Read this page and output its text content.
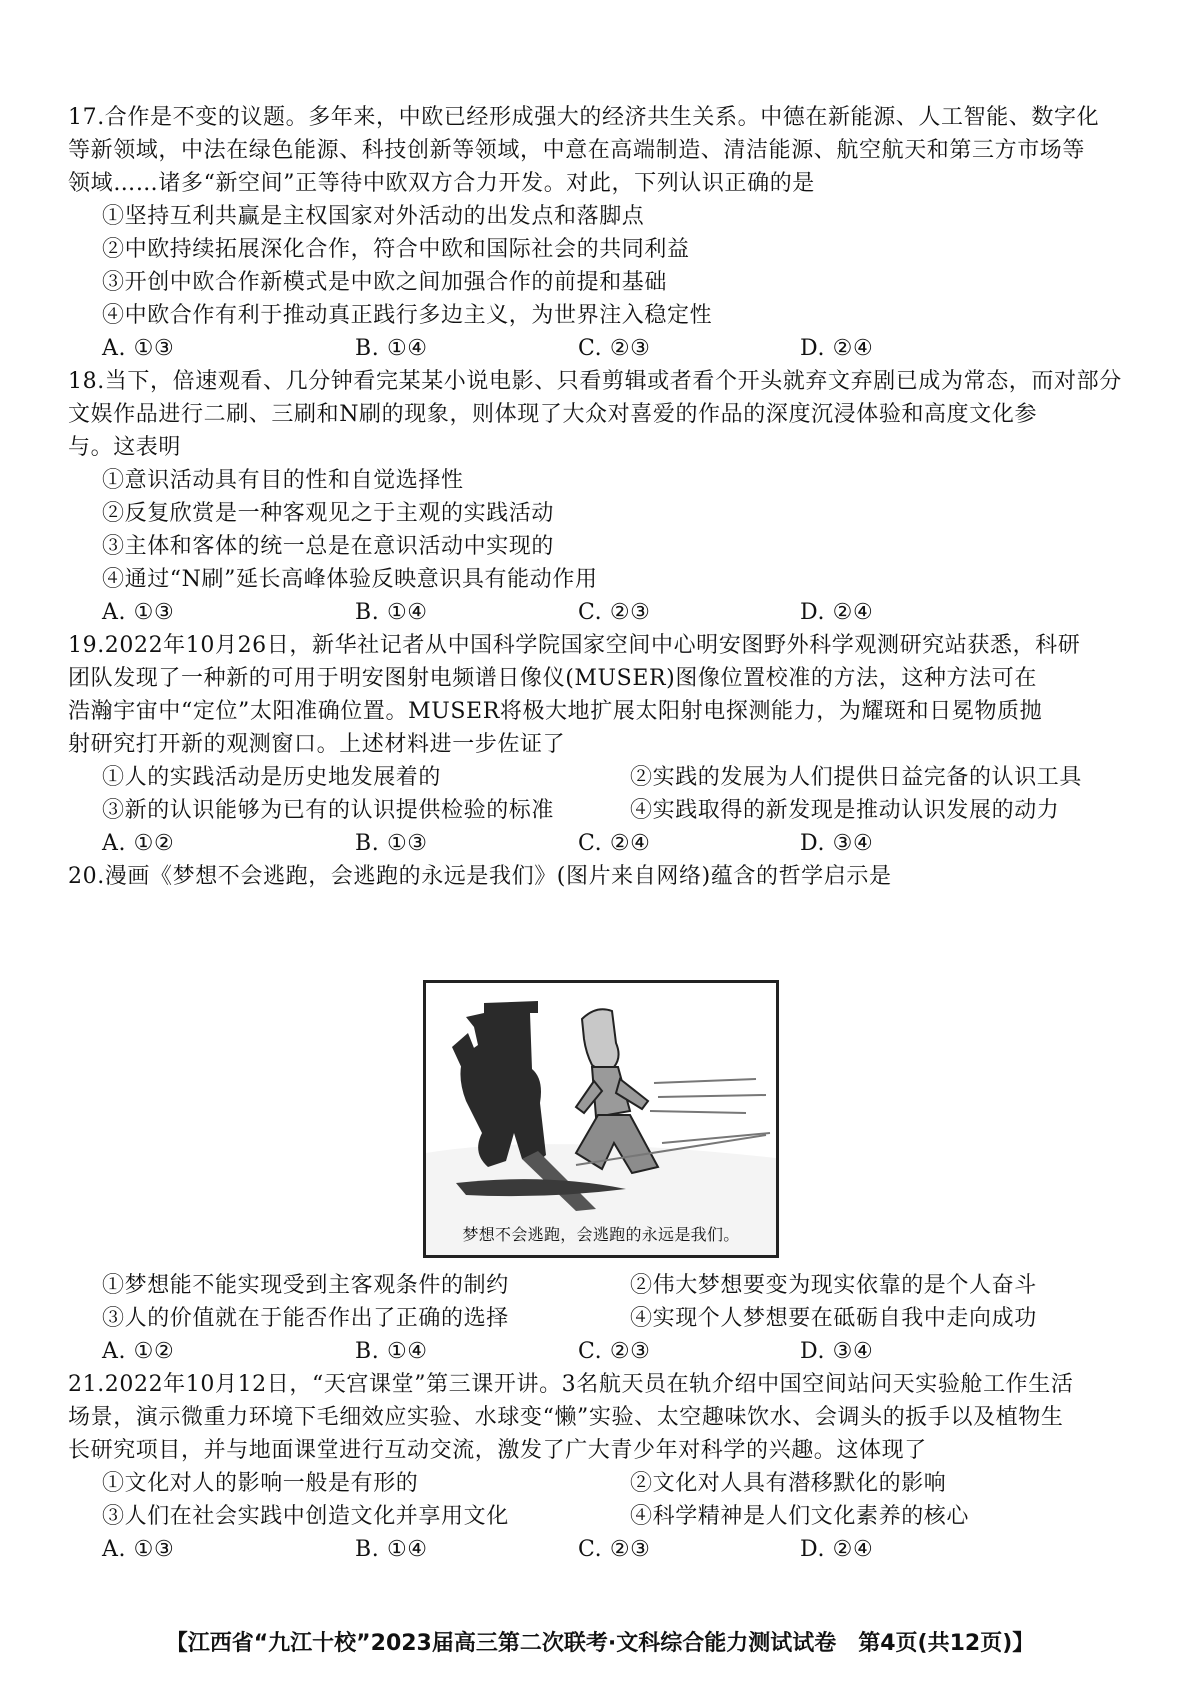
17.合作是不变的议题。多年来，中欧已经形成强大的经济共生关系。中德在新能源、人工智能、数字化
等新领域，中法在绿色能源、科技创新等领域，中意在高端制造、清洁能源、航空航天和第三方市场等
领域……诸多“新空间”正等待中欧双方合力开发。对此，下列认识正确的是
①坚持互利共赢是主权国家对外活动的出发点和落脚点
②中欧持续拓展深化合作，符合中欧和国际社会的共同利益
③开创中欧合作新模式是中欧之间加强合作的前提和基础
④中欧合作有利于推动真正践行多边主义，为世界注入稳定性
A. ①③	B. ①④	C. ②③	D. ②④
18.当下，倍速观看、几分钟看完某某小说电影、只看剪辑或者看个开头就弃文弃剧已成为常态，而对部分
文娱作品进行二刷、三刷和N刷的现象，则体现了大众对喜爱的作品的深度沉浸体验和高度文化参
与。这表明
①意识活动具有目的性和自觉选择性
②反复欣赏是一种客观见之于主观的实践活动
③主体和客体的统一总是在意识活动中实现的
④通过“N刷”延长高峰体验反映意识具有能动作用
A. ①③	B. ①④	C. ②③	D. ②④
19.2022年10月26日，新华社记者从中国科学院国家空间中心明安图野外科学观测研究站获悉，科研
团队发现了一种新的可用于明安图射电频谱日像仪(MUSER)图像位置校准的方法，这种方法可在
浩瀚宇宙中“定位”太阳准确位置。MUSER将极大地扩展太阳射电探测能力，为耀斑和日冕物质抛
射研究打开新的观测窗口。上述材料进一步佐证了
①人的实践活动是历史地发展着的	②实践的发展为人们提供日益完备的认识工具
③新的认识能够为已有的认识提供检验的标准	④实践取得的新发现是推动认识发展的动力
A. ①②	B. ①③	C. ②④	D. ③④
20.漫画《梦想不会逃跑，会逃跑的永远是我们》(图片来自网络)蕴含的哲学启示是
梦想不会逃跑，会逃跑的永远是我们。
①梦想能不能实现受到主客观条件的制约	②伟大梦想要变为现实依靠的是个人奋斗
③人的价值就在于能否作出了正确的选择	④实现个人梦想要在砥砺自我中走向成功
A. ①②	B. ①④	C. ②③	D. ③④
21.2022年10月12日，“天宫课堂”第三课开讲。3名航天员在轨介绍中国空间站问天实验舱工作生活
场景，演示微重力环境下毛细效应实验、水球变“懒”实验、太空趣味饮水、会调头的扳手以及植物生
长研究项目，并与地面课堂进行互动交流，激发了广大青少年对科学的兴趣。这体现了
①文化对人的影响一般是有形的	②文化对人具有潜移默化的影响
③人们在社会实践中创造文化并享用文化	④科学精神是人们文化素养的核心
A. ①③	B. ①④	C. ②③	D. ②④
【江西省“九江十校”2023届高三第二次联考·文科综合能力测试试卷　第4页(共12页)】
